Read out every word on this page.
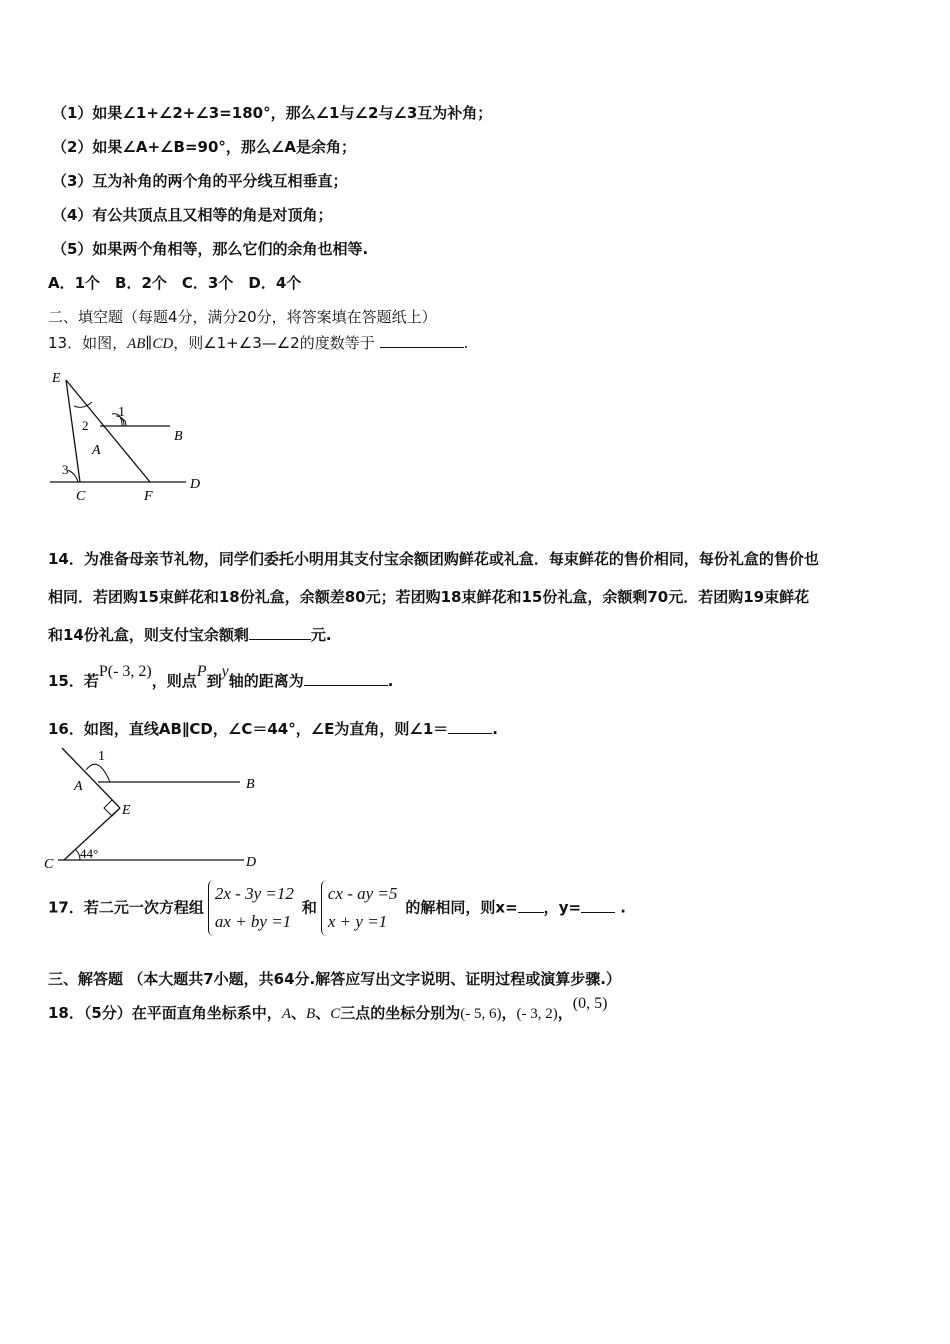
（1）如果∠1+∠2+∠3=180°，那么∠1与∠2与∠3互为补角；
（2）如果∠A+∠B=90°，那么∠A是余角；
（3）互为补角的两个角的平分线互相垂直；
（4）有公共顶点且又相等的角是对顶角；
（5）如果两个角相等，那么它们的余角也相等.
A．1个　B．2个　C．3个　D．4个
二、填空题（每题4分，满分20分，将答案填在答题纸上）
13．如图，AB∥CD，则∠1+∠3—∠2的度数等于	.
E
1
2
A
B
3
C	F
D
14．为准备母亲节礼物，同学们委托小明用其支付宝余额团购鲜花或礼盒．每束鲜花的售价相同，每份礼盒的售价也
相同．若团购15束鲜花和18份礼盒，余额差80元；若团购18束鲜花和15份礼盒，余额剩70元．若团购19束鲜花
和14份礼盒，则支付宝余额剩	元.
15．若P(- 3, 2)，则点P到y轴的距离为	.
16．如图，直线AB∥CD，∠C＝44°，∠E为直角，则∠1＝	.
1
A	B
E
44°
C	D
17．若二元一次方程组2x - 3y =12
ax + by =1和cx - ay =5
x + y =1的解相同，则x= ，y=	.
三、解答题 （本大题共7小题，共64分.解答应写出文字说明、证明过程或演算步骤.）
18．（5分）在平面直角坐标系中，A、B、C三点的坐标分别为(- 5, 6)，(- 3, 2)，(0, 5)
